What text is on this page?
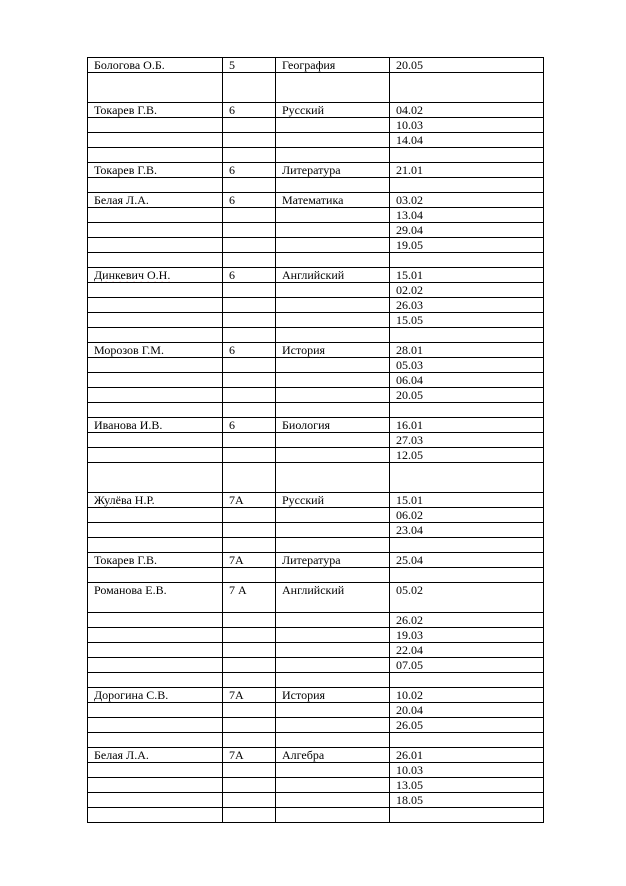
Бологова О.Б.	5	География	20.05

Токарев Г.В.	6	Русский	04.02
			10.03
			14.04

Токарев Г.В.	6	Литература	21.01

Белая Л.А.	6	Математика	03.02
			13.04
			29.04
			19.05

Динкевич О.Н.	6	Английский	15.01
			02.02
			26.03
			15.05

Морозов Г.М.	6	История	28.01
			05.03
			06.04
			20.05

Иванова И.В.	6	Биология	16.01
			27.03
			12.05

Жулёва Н.Р.	7А	Русский	15.01
			06.02
			23.04

Токарев Г.В.	7А	Литература	25.04

Романова Е.В.	7 А	Английский	05.02
			26.02
			19.03
			22.04
			07.05

Дорогина С.В.	7А	История	10.02
			20.04
			26.05

Белая Л.А.	7А	Алгебра	26.01
			10.03
			13.05
			18.05
